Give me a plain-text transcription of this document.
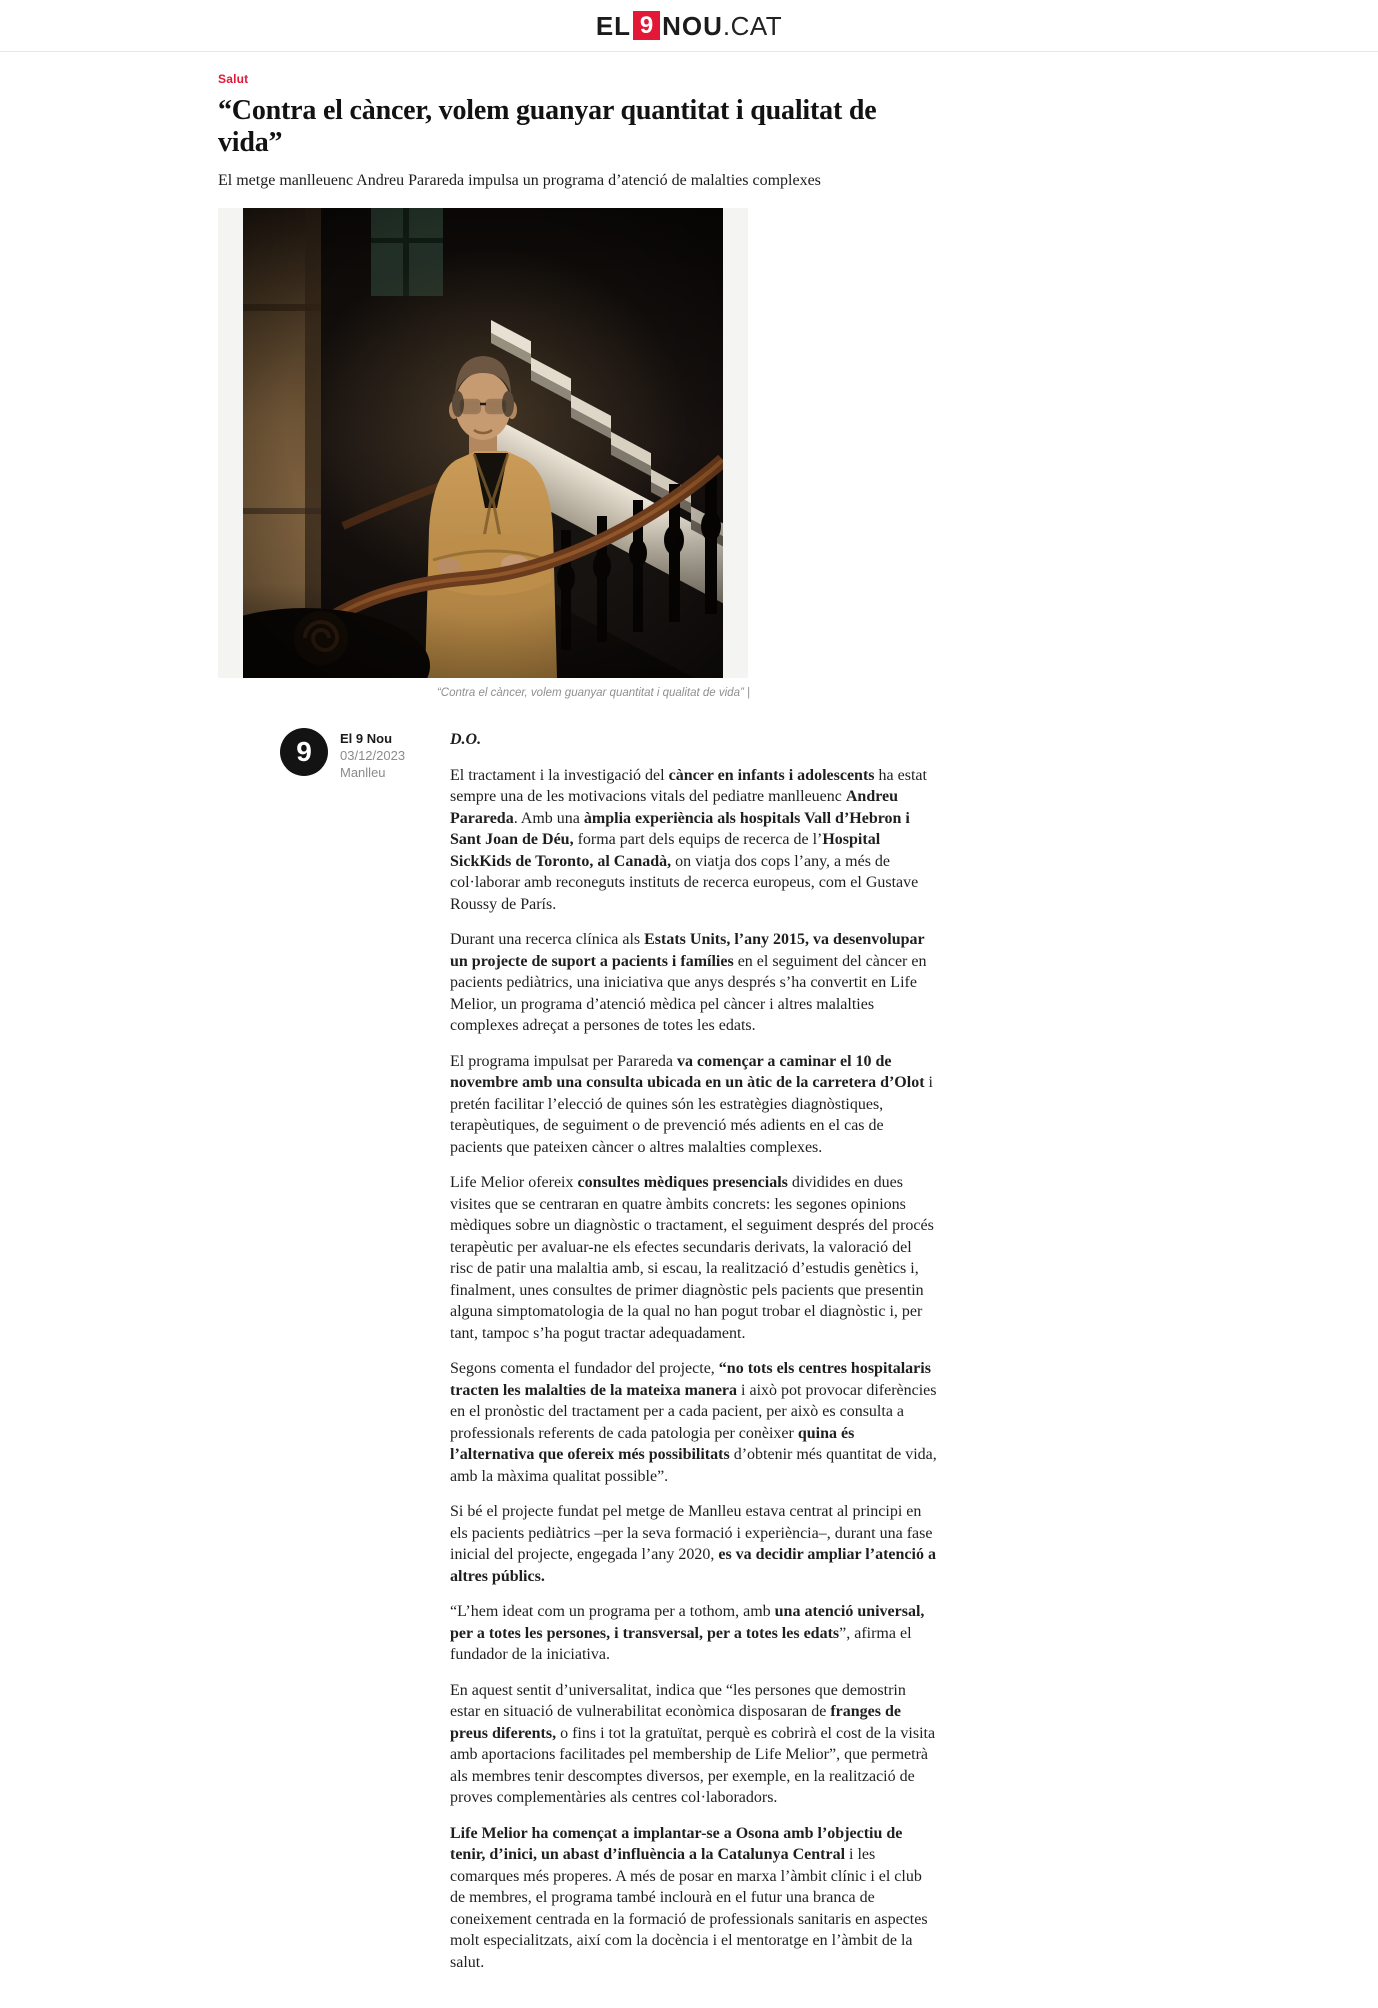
EL 9 NOU .CAT
Salut
“Contra el càncer, volem guanyar quantitat i qualitat de vida”

El metge manlleuenc Andreu Parareda impulsa un programa d’atenció de malalties complexes

“Contra el càncer, volem guanyar quantitat i qualitat de vida” |
9 El 9 Nou
03/12/2023
Manlleu

D.O.

El tractament i la investigació del càncer en infants i adolescents ha estat sempre una de les motivacions vitals del pediatre manlleuenc Andreu Parareda. Amb una àmplia experiència als hospitals Vall d’Hebron i Sant Joan de Déu, forma part dels equips de recerca de l’Hospital SickKids de Toronto, al Canadà, on viatja dos cops l’any, a més de col·laborar amb reconeguts instituts de recerca europeus, com el Gustave Roussy de París.

Durant una recerca clínica als Estats Units, l’any 2015, va desenvolupar un projecte de suport a pacients i famílies en el seguiment del càncer en pacients pediàtrics, una iniciativa que anys després s’ha convertit en Life Melior, un programa d’atenció mèdica pel càncer i altres malalties complexes adreçat a persones de totes les edats.

El programa impulsat per Parareda va començar a caminar el 10 de novembre amb una consulta ubicada en un àtic de la carretera d’Olot i pretén facilitar l’elecció de quines són les estratègies diagnòstiques, terapèutiques, de seguiment o de prevenció més adients en el cas de pacients que pateixen càncer o altres malalties complexes.

Life Melior ofereix consultes mèdiques presencials dividides en dues visites que se centraran en quatre àmbits concrets: les segones opinions mèdiques sobre un diagnòstic o tractament, el seguiment després del procés terapèutic per avaluar-ne els efectes secundaris derivats, la valoració del risc de patir una malaltia amb, si escau, la realització d’estudis genètics i, finalment, unes consultes de primer diagnòstic pels pacients que presentin alguna simptomatologia de la qual no han pogut trobar el diagnòstic i, per tant, tampoc s’ha pogut tractar adequadament.

Segons comenta el fundador del projecte, “no tots els centres hospitalaris tracten les malalties de la mateixa manera i això pot provocar diferències en el pronòstic del tractament per a cada pacient, per això es consulta a professionals referents de cada patologia per conèixer quina és l’alternativa que ofereix més possibilitats d’obtenir més quantitat de vida, amb la màxima qualitat possible”.

Si bé el projecte fundat pel metge de Manlleu estava centrat al principi en els pacients pediàtrics –per la seva formació i experiència–, durant una fase inicial del projecte, engegada l’any 2020, es va decidir ampliar l’atenció a altres públics.

“L’hem ideat com un programa per a tothom, amb una atenció universal, per a totes les persones, i transversal, per a totes les edats”, afirma el fundador de la iniciativa.

En aquest sentit d’universalitat, indica que “les persones que demostrin estar en situació de vulnerabilitat econòmica disposaran de franges de preus diferents, o fins i tot la gratuïtat, perquè es cobrirà el cost de la visita amb aportacions facilitades pel membership de Life Melior”, que permetrà als membres tenir descomptes diversos, per exemple, en la realització de proves complementàries als centres col·laboradors.

Life Melior ha començat a implantar-se a Osona amb l’objectiu de tenir, d’inici, un abast d’influència a la Catalunya Central i les comarques més properes. A més de posar en marxa l’àmbit clínic i el club de membres, el programa també inclourà en el futur una branca de coneixement centrada en la formació de professionals sanitaris en aspectes molt especialitzats, així com la docència i el mentoratge en l’àmbit de la salut.
